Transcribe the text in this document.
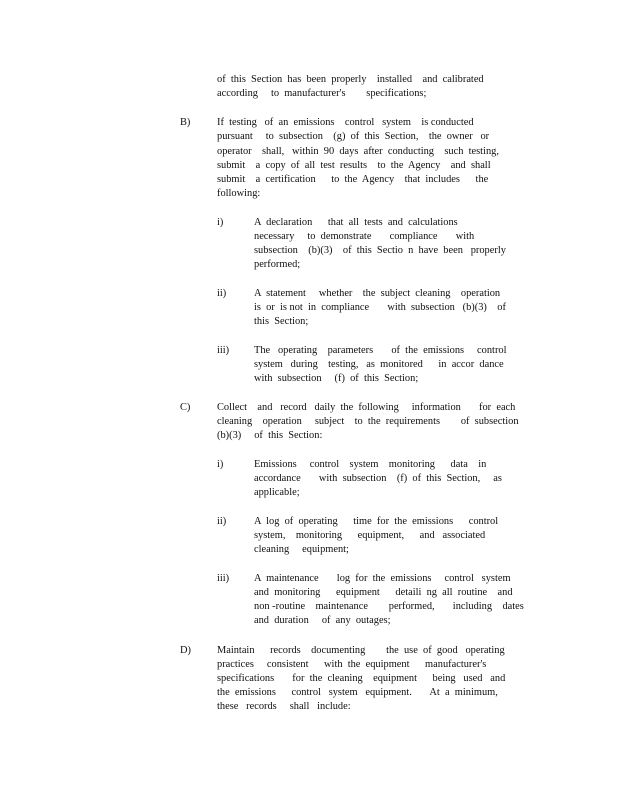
of  this  Section  has  been  properly    installed    and  calibrated
according     to  manufacturer's        specifications;
B)	If  testing   of  an  emissions    control   system    is conducted
pursuant     to  subsection    (g)  of  this  Section,    the  owner   or
operator    shall,   within  90  days  after  conducting    such  testing,
submit    a  copy  of  all  test  results    to  the  Agency    and  shall
submit    a  certification      to  the  Agency    that  includes      the
following:
i)	A  declaration      that  all  tests  and  calculations
necessary     to  demonstrate       compliance       with
subsection    (b)(3)    of  this  Sectio  n  have  been   properly
performed;
ii)	A  statement     whether    the  subject  cleaning    operation
is  or  is not  in  compliance       with  subsection   (b)(3)    of
this  Section;
iii) The   operating    parameters       of  the  emissions     control
system   during    testing,   as  monitored      in  accor  dance
with  subsection     (f)  of  this  Section;
C)	Collect    and   record   daily  the  following     information       for  each
cleaning    operation     subject    to  the  requirements        of  subsection
(b)(3)     of  this  Section:
i)	Emissions     control    system    monitoring      data    in
accordance       with  subsection    (f)  of  this  Section,     as
applicable;
ii)	A  log  of  operating      time  for  the  emissions      control
system,    monitoring      equipment,      and   associated
cleaning     equipment;
iii) A  maintenance       log  for  the  emissions     control   system
and  monitoring      equipment      detaili  ng  all  routine    and
non -routine    maintenance        performed,       including    dates
and  duration     of  any  outages;
D)	Maintain      records    documenting        the  use  of  good   operating
practices     consistent      with  the  equipment      manufacturer's
specifications       for  the  cleaning    equipment      being   used   and
the  emissions      control   system   equipment.       At  a  minimum,
these   records     shall   include:
